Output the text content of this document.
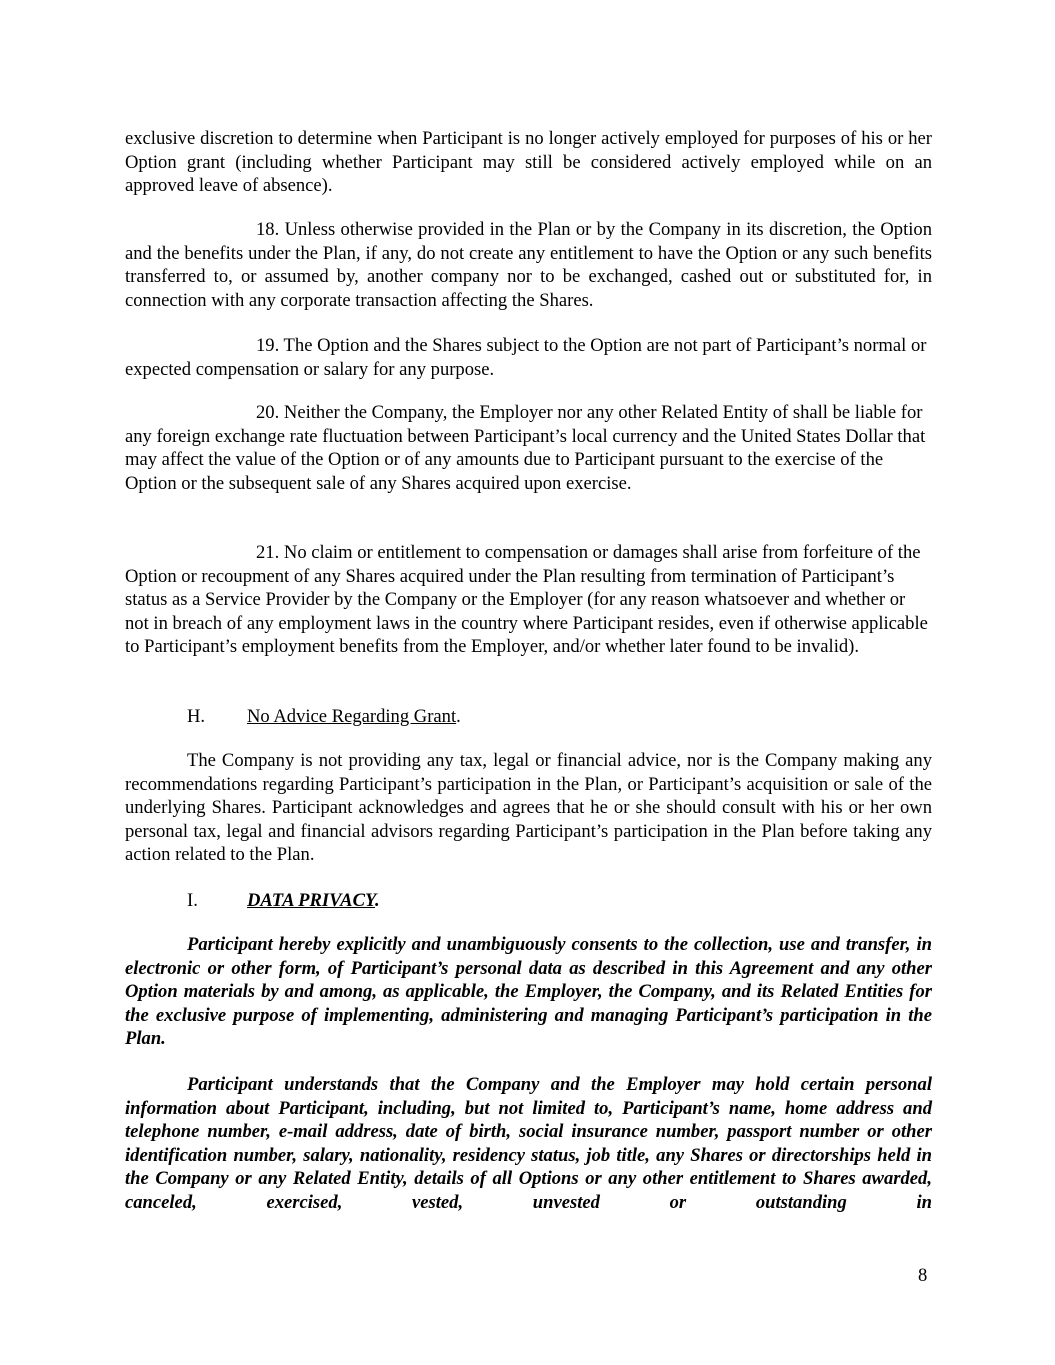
exclusive discretion to determine when Participant is no longer actively employed for purposes of his or her Option grant (including whether Participant may still be considered actively employed while on an approved leave of absence).

18. Unless otherwise provided in the Plan or by the Company in its discretion, the Option and the benefits under the Plan, if any, do not create any entitlement to have the Option or any such benefits transferred to, or assumed by, another company nor to be exchanged, cashed out or substituted for, in connection with any corporate transaction affecting the Shares.

19. The Option and the Shares subject to the Option are not part of Participant’s normal or expected compensation or salary for any purpose.

20. Neither the Company, the Employer nor any other Related Entity of shall be liable for any foreign exchange rate fluctuation between Participant’s local currency and the United States Dollar that may affect the value of the Option or of any amounts due to Participant pursuant to the exercise of the Option or the subsequent sale of any Shares acquired upon exercise.

21. No claim or entitlement to compensation or damages shall arise from forfeiture of the Option or recoupment of any Shares acquired under the Plan resulting from termination of Participant’s status as a Service Provider by the Company or the Employer (for any reason whatsoever and whether or not in breach of any employment laws in the country where Participant resides, even if otherwise applicable to Participant’s employment benefits from the Employer, and/or whether later found to be invalid).

H. No Advice Regarding Grant.

The Company is not providing any tax, legal or financial advice, nor is the Company making any recommendations regarding Participant’s participation in the Plan, or Participant’s acquisition or sale of the underlying Shares. Participant acknowledges and agrees that he or she should consult with his or her own personal tax, legal and financial advisors regarding Participant’s participation in the Plan before taking any action related to the Plan.

I.	DATA PRIVACY.

Participant hereby explicitly and unambiguously consents to the collection, use and transfer, in electronic or other form, of Participant’s personal data as described in this Agreement and any other Option materials by and among, as applicable, the Employer, the Company, and its Related Entities for the exclusive purpose of implementing, administering and managing Participant’s participation in the Plan.

Participant understands that the Company and the Employer may hold certain personal information about Participant, including, but not limited to, Participant’s name, home address and telephone number, e-mail address, date of birth, social insurance number, passport number or other identification number, salary, nationality, residency status, job title, any Shares or directorships held in the Company or any Related Entity, details of all Options or any other entitlement to Shares awarded, canceled, exercised, vested, unvested or outstanding in

8
